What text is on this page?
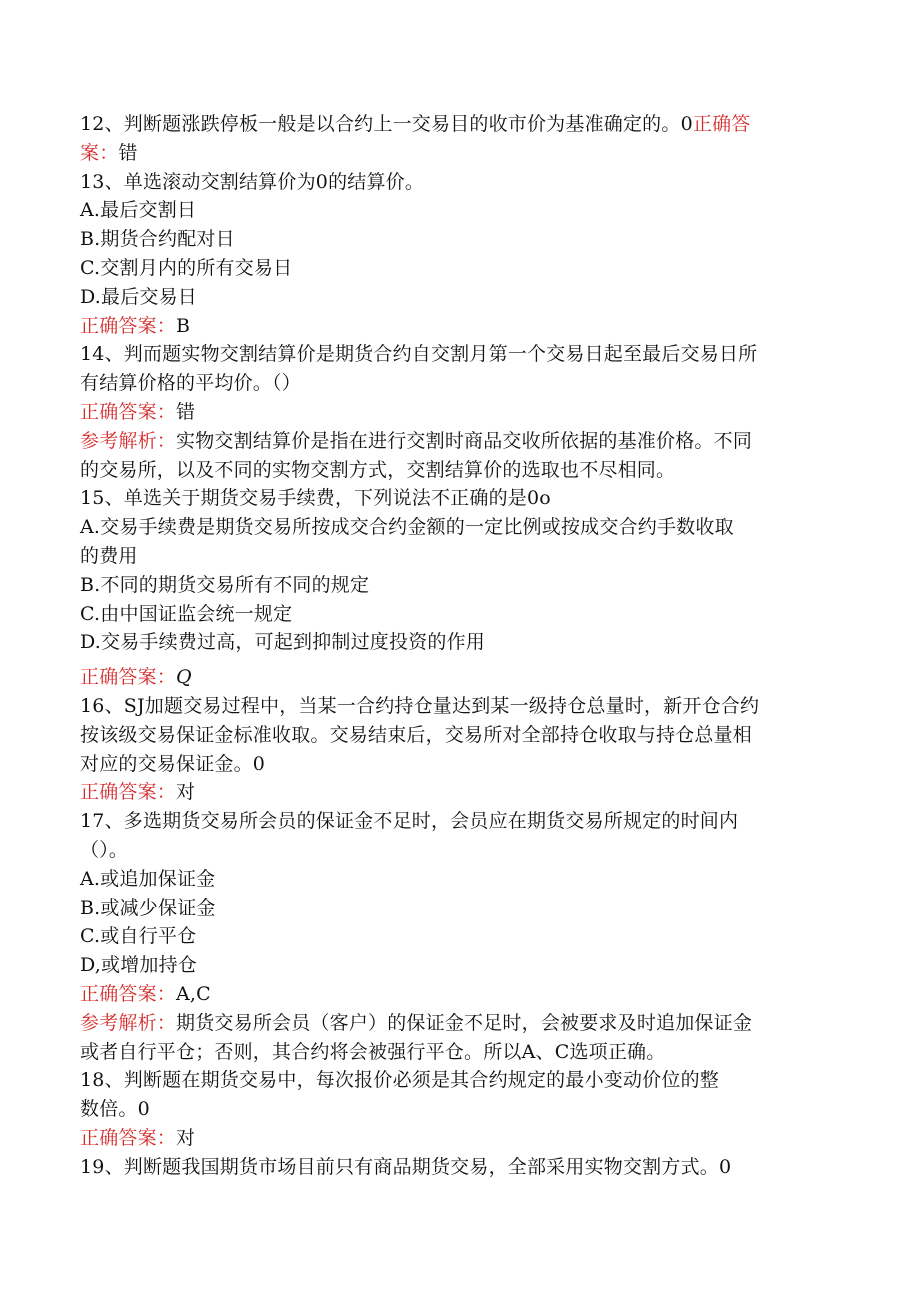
12、判断题涨跌停板一般是以合约上一交易目的收市价为基准确定的。0正确答
案：错
13、单选滚动交割结算价为0的结算价。
A.最后交割日
B.期货合约配对日
C.交割月内的所有交易日
D.最后交易日
正确答案：B
14、判而题实物交割结算价是期货合约自交割月第一个交易日起至最后交易日所
有结算价格的平均价。（）
正确答案：错
参考解析：实物交割结算价是指在进行交割时商品交收所依据的基准价格。不同
的交易所，以及不同的实物交割方式，交割结算价的选取也不尽相同。
15、单选关于期货交易手续费，下列说法不正确的是0o
A.交易手续费是期货交易所按成交合约金额的一定比例或按成交合约手数收取
的费用
B.不同的期货交易所有不同的规定
C.由中国证监会统一规定
D.交易手续费过高，可起到抑制过度投资的作用
正确答案：Q
16、SJ加题交易过程中，当某一合约持仓量达到某一级持仓总量时，新开仓合约
按该级交易保证金标准收取。交易结束后，交易所对全部持仓收取与持仓总量相
对应的交易保证金。0
正确答案：对
17、多选期货交易所会员的保证金不足时，会员应在期货交易所规定的时间内
（）。
A.或追加保证金
B.或减少保证金
C.或自行平仓
D,或增加持仓
正确答案：A,C
参考解析：期货交易所会员（客户）的保证金不足时，会被要求及时追加保证金
或者自行平仓；否则，其合约将会被强行平仓。所以A、C选项正确。
18、判断题在期货交易中，每次报价必须是其合约规定的最小变动价位的整
数倍。0
正确答案：对
19、判断题我国期货市场目前只有商品期货交易，全部采用实物交割方式。0
